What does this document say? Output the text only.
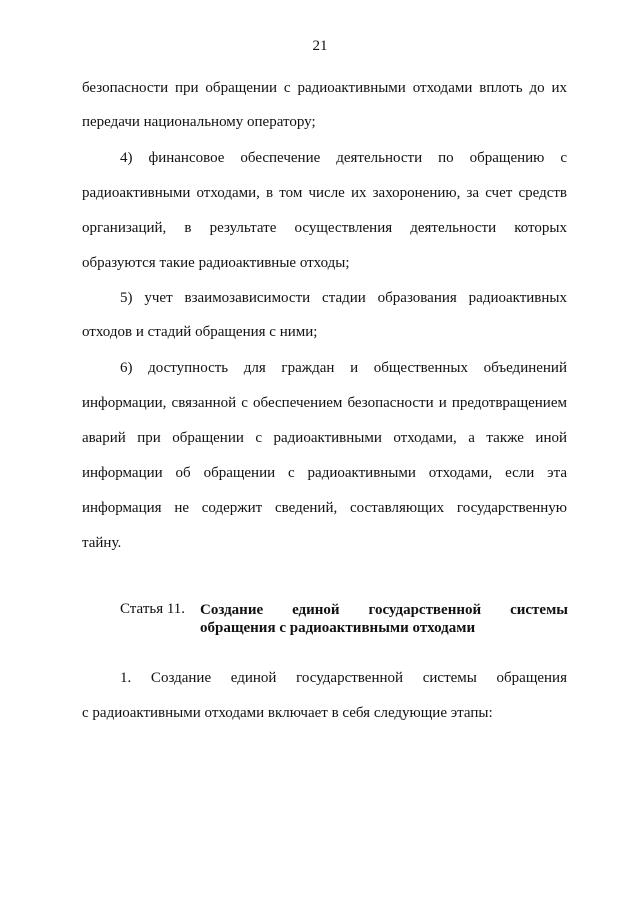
21
безопасности при обращении с радиоактивными отходами вплоть до их
передачи национальному оператору;
4) финансовое обеспечение деятельности по обращению с
радиоактивными отходами, в том числе их захоронению, за счет средств
организаций, в результате осуществления деятельности которых
образуются такие радиоактивные отходы;
5) учет взаимозависимости стадии образования радиоактивных
отходов и стадий обращения с ними;
6) доступность для граждан и общественных объединений
информации, связанной с обеспечением безопасности и предотвращением
аварий при обращении с радиоактивными отходами, а также иной
информации об обращении с радиоактивными отходами, если эта
информация не содержит сведений, составляющих государственную
тайну.
Статья 11. Создание единой государственной системы
обращения с радиоактивными отходами
1. Создание единой государственной системы обращения
с радиоактивными отходами включает в себя следующие этапы:
